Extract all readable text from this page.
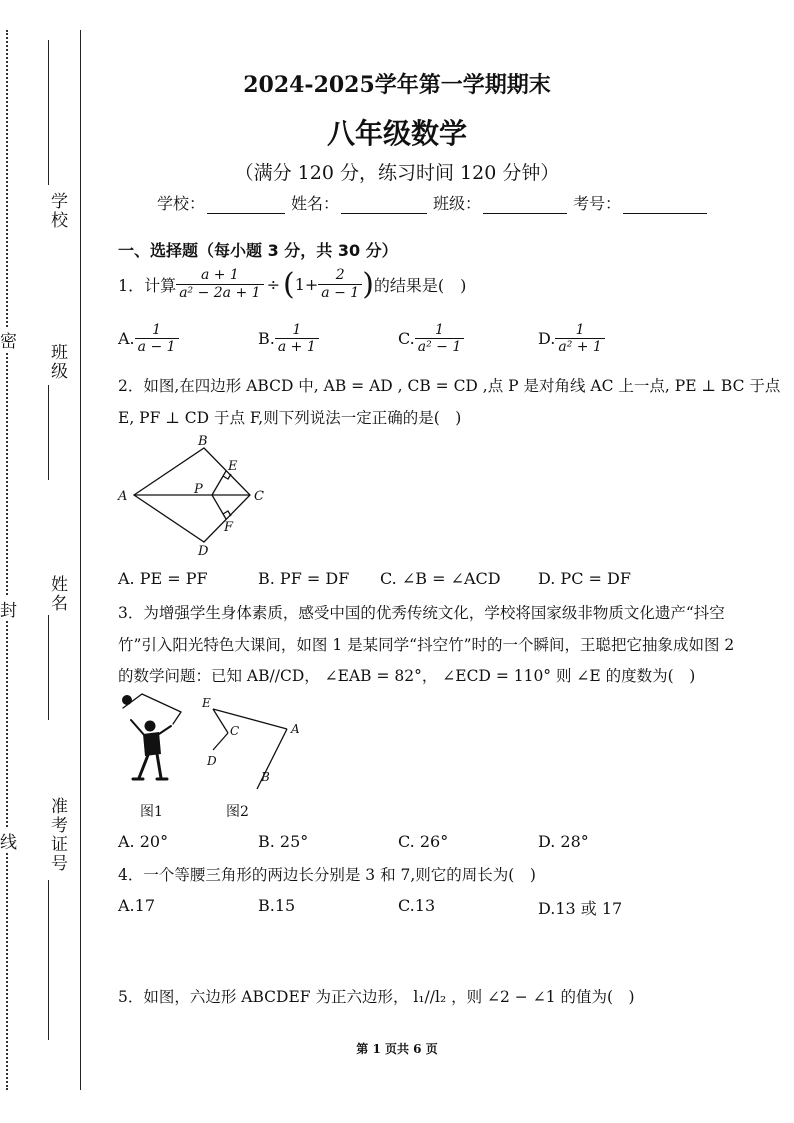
密
封
线
学校
班级
姓名
准考证号
2024-2025学年第一学期期末
八年级数学
（满分 120 分，练习时间 120 分钟）
学校：	姓名：	班级：	考号：
一、选择题（每小题 3 分，共 30 分）
1．计算 $\frac{a + 1}{\text{a² − 2a + 1}}$ ÷ ( $1+ \frac{2}{a - 1}$ ) 的结果是(　)
A. $\frac{1}{a - 1}$	B. $\frac{1}{a + 1}$	C. $\frac{1}{\text{a² − 1}}$	D. $\frac{1}{\text{a² + 1}}$
2．如图,在四边形 ABCD 中, AB = AD , CB = CD ,点 P 是对角线 AC 上一点, PE ⊥ BC 于点
E, PF ⊥ CD 于点 F,则下列说法一定正确的是(　)
A
B
C
D
E
F
P
A. PE = PF	B. PF = DF C. ∠B = ∠ACD D. PC = DF
3．为增强学生身体素质，感受中国的优秀传统文化，学校将国家级非物质文化遗产“抖空
竹”引入阳光特色大课间，如图 1 是某同学“抖空竹”时的一个瞬间，王聪把它抽象成如图 2
的数学问题：已知 AB//CD， ∠EAB = 82°， ∠ECD = 110° 则 ∠E 的度数为(　)
E
C	A
D
B
图1	图2
A. 20°	B. 25°	C. 26°	D. 28°
4．一个等腰三角形的两边长分别是 3 和 7,则它的周长为(　)
A.17	B.15	C.13	D.13 或 17
5．如图，六边形 ABCDEF 为正六边形， l₁//l₂ ，则 ∠2 − ∠1 的值为(　)
第 1 页共 6 页
